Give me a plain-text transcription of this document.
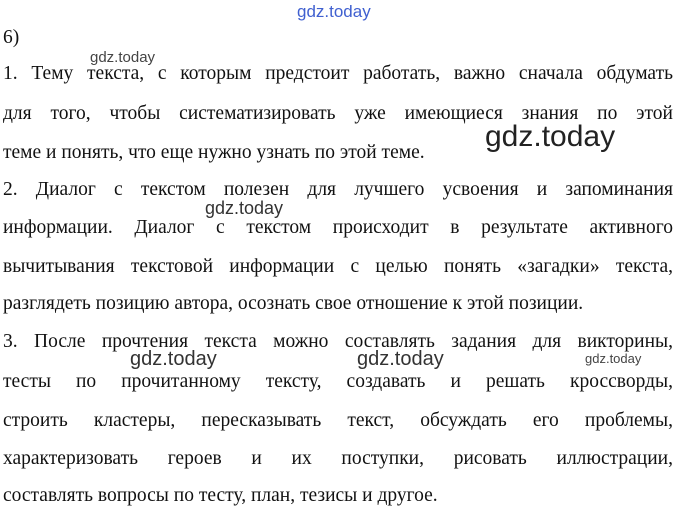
6)
1. Тему текста, с которым предстоит работать, важно сначала обдумать
для того, чтобы систематизировать уже имеющиеся знания по этой
теме и понять, что еще нужно узнать по этой теме.
2. Диалог с текстом полезен для лучшего усвоения и запоминания
информации. Диалог с текстом происходит в результате активного
вычитывания текстовой информации с целью понять «загадки» текста,
разглядеть позицию автора, осознать свое отношение к этой позиции.
3. После прочтения текста можно составлять задания для викторины,
тесты по прочитанному тексту, создавать и решать кроссворды,
строить кластеры, пересказывать текст, обсуждать его проблемы,
характеризовать героев и их поступки, рисовать иллюстрации,
составлять вопросы по тесту, план, тезисы и другое.
gdz.today
gdz.today
gdz.today
gdz.today
gdz.today	gdz.today	gdz.today
